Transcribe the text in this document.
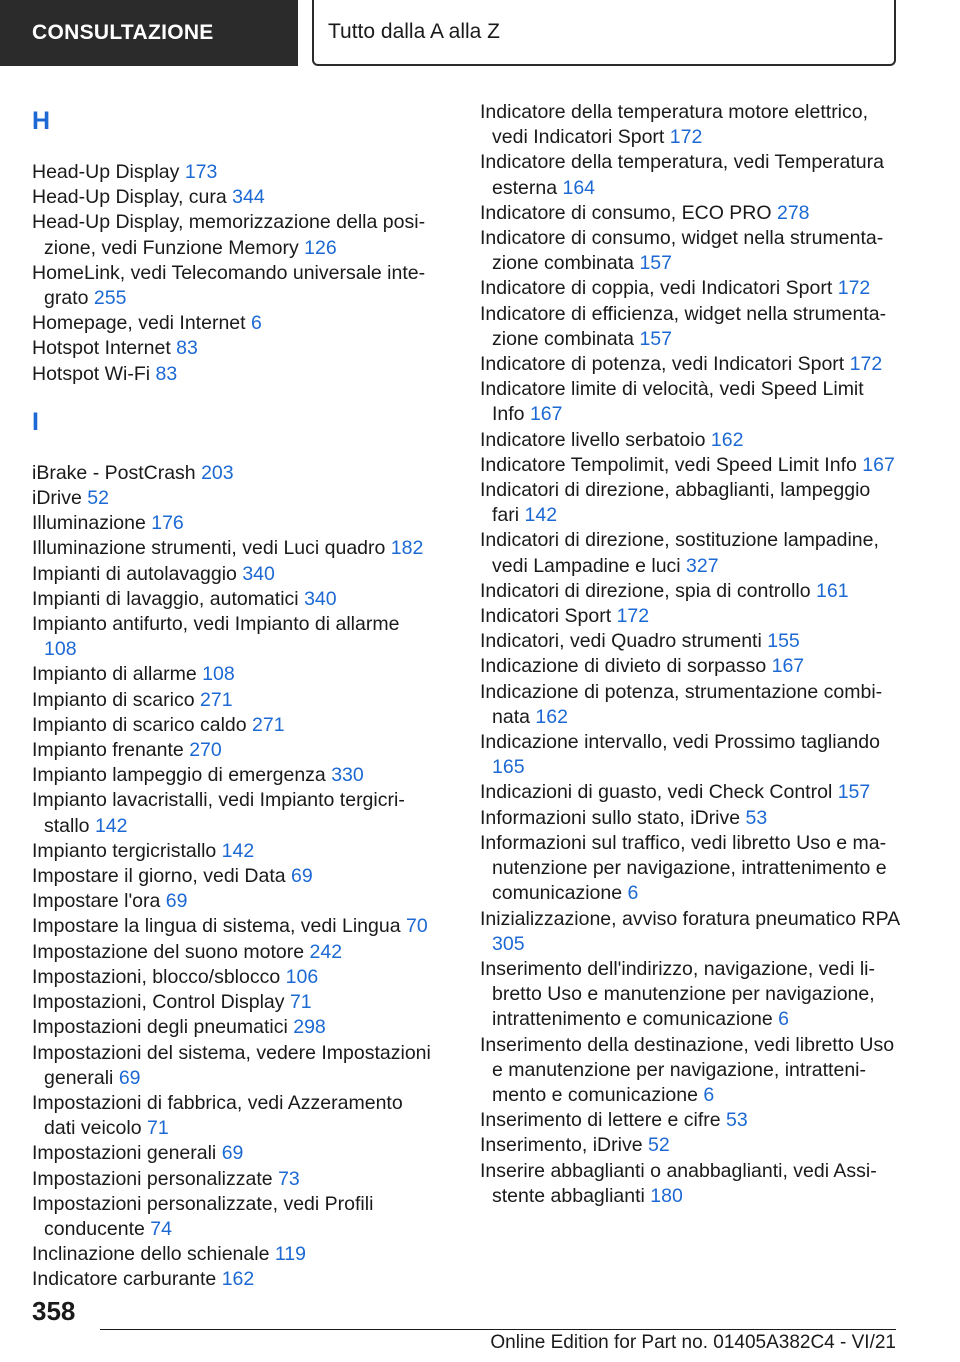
CONSULTAZIONE	Tutto dalla A alla Z
H
Head-Up Display 173
Head-Up Display, cura 344
Head-Up Display, memorizzazione della posizione, vedi Funzione Memory 126
HomeLink, vedi Telecomando universale integrato 255
Homepage, vedi Internet 6
Hotspot Internet 83
Hotspot Wi-Fi 83
I
iBrake - PostCrash 203
iDrive 52
Illuminazione 176
Illuminazione strumenti, vedi Luci quadro 182
Impianti di autolavaggio 340
Impianti di lavaggio, automatici 340
Impianto antifurto, vedi Impianto di allarme 108
Impianto di allarme 108
Impianto di scarico 271
Impianto di scarico caldo 271
Impianto frenante 270
Impianto lampeggio di emergenza 330
Impianto lavacristalli, vedi Impianto tergicristallo 142
Impianto tergicristallo 142
Impostare il giorno, vedi Data 69
Impostare l'ora 69
Impostare la lingua di sistema, vedi Lingua 70
Impostazione del suono motore 242
Impostazioni, blocco/sblocco 106
Impostazioni, Control Display 71
Impostazioni degli pneumatici 298
Impostazioni del sistema, vedere Impostazioni generali 69
Impostazioni di fabbrica, vedi Azzeramento dati veicolo 71
Impostazioni generali 69
Impostazioni personalizzate 73
Impostazioni personalizzate, vedi Profili conducente 74
Inclinazione dello schienale 119
Indicatore carburante 162
Indicatore della temperatura motore elettrico, vedi Indicatori Sport 172
Indicatore della temperatura, vedi Temperatura esterna 164
Indicatore di consumo, ECO PRO 278
Indicatore di consumo, widget nella strumentazione combinata 157
Indicatore di coppia, vedi Indicatori Sport 172
Indicatore di efficienza, widget nella strumentazione combinata 157
Indicatore di potenza, vedi Indicatori Sport 172
Indicatore limite di velocità, vedi Speed Limit Info 167
Indicatore livello serbatoio 162
Indicatore Tempolimit, vedi Speed Limit Info 167
Indicatori di direzione, abbaglianti, lampeggio fari 142
Indicatori di direzione, sostituzione lampadine, vedi Lampadine e luci 327
Indicatori di direzione, spia di controllo 161
Indicatori Sport 172
Indicatori, vedi Quadro strumenti 155
Indicazione di divieto di sorpasso 167
Indicazione di potenza, strumentazione combinata 162
Indicazione intervallo, vedi Prossimo tagliando 165
Indicazioni di guasto, vedi Check Control 157
Informazioni sullo stato, iDrive 53
Informazioni sul traffico, vedi libretto Uso e manutenzione per navigazione, intrattenimento e comunicazione 6
Inizializzazione, avviso foratura pneumatico RPA 305
Inserimento dell'indirizzo, navigazione, vedi libretto Uso e manutenzione per navigazione, intrattenimento e comunicazione 6
Inserimento della destinazione, vedi libretto Uso e manutenzione per navigazione, intrattenimento e comunicazione 6
Inserimento di lettere e cifre 53
Inserimento, iDrive 52
Inserire abbaglianti o anabbaglianti, vedi Assistente abbaglianti 180
358
Online Edition for Part no. 01405A382C4 - VI/21
